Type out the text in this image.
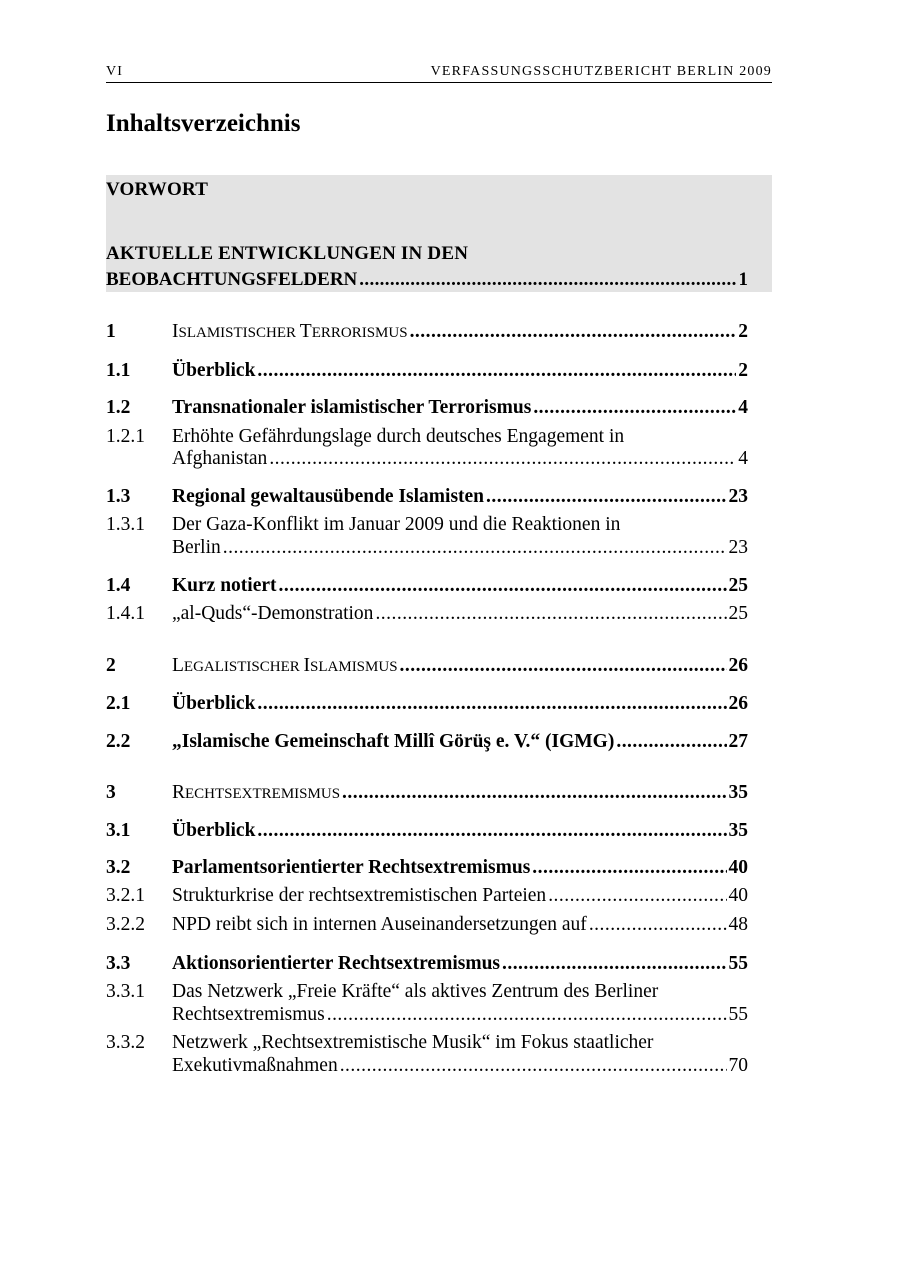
VI	VERFASSUNGSSCHUTZBERICHT BERLIN 2009
Inhaltsverzeichnis
VORWORT
AKTUELLE ENTWICKLUNGEN IN DEN
BEOBACHTUNGSFELDERN . . .	1
1	ISLAMISTISCHER TERRORISMUS . . .	2
1.1 Überblick . . .	2
1.2 Transnationaler islamistischer Terrorismus . . .	4
1.2.1 Erhöhte Gefährdungslage durch deutsches Engagement in
Afghanistan . . .	4
1.3 Regional gewaltausübende Islamisten . . .	23
1.3.1 Der Gaza-Konflikt im Januar 2009 und die Reaktionen in
Berlin . . .	23
1.4 Kurz notiert . . .	25
1.4.1 „al-Quds“-Demonstration . . .	25
2	LEGALISTISCHER ISLAMISMUS . . .	26
2.1 Überblick . . .	26
2.2 „Islamische Gemeinschaft Millî Görüş e. V.“ (IGMG) . . .	27
3	RECHTSEXTREMISMUS . . .	35
3.1 Überblick . . .	35
3.2 Parlamentsorientierter Rechtsextremismus . . .	40
3.2.1 Strukturkrise der rechtsextremistischen Parteien . . .	40
3.2.2 NPD reibt sich in internen Auseinandersetzungen auf . . .	48
3.3 Aktionsorientierter Rechtsextremismus . . .	55
3.3.1 Das Netzwerk „Freie Kräfte“ als aktives Zentrum des Berliner
Rechtsextremismus . . .	55
3.3.2 Netzwerk „Rechtsextremistische Musik“ im Fokus staatlicher
Exekutivmaßnahmen . . .	70
